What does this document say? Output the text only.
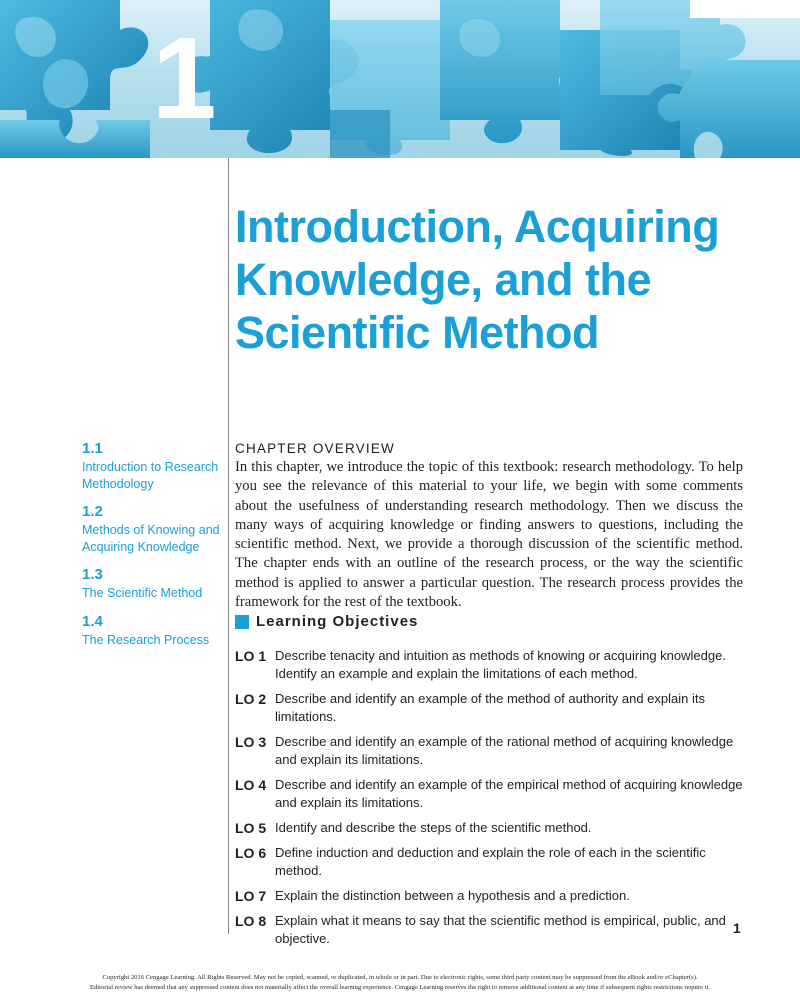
1
Introduction, Acquiring Knowledge, and the Scientific Method
1.1
Introduction to Research Methodology
1.2
Methods of Knowing and Acquiring Knowledge
1.3
The Scientific Method
1.4
The Research Process
CHAPTER OVERVIEW

In this chapter, we introduce the topic of this textbook: research methodology. To help you see the relevance of this material to your life, we begin with some comments about the usefulness of understanding research methodology. Then we discuss the many ways of acquiring knowledge or finding answers to questions, including the scientific method. Next, we provide a thorough discussion of the scientific method. The chapter ends with an outline of the research process, or the way the scientific method is applied to answer a particular question. The research process provides the framework for the rest of the textbook.

Learning Objectives
LO 1 Describe tenacity and intuition as methods of knowing or acquiring knowledge. Identify an example and explain the limitations of each method.
LO 2 Describe and identify an example of the method of authority and explain its limitations.
LO 3 Describe and identify an example of the rational method of acquiring knowledge and explain its limitations.
LO 4 Describe and identify an example of the empirical method of acquiring knowledge and explain its limitations.
LO 5 Identify and describe the steps of the scientific method.
LO 6 Define induction and deduction and explain the role of each in the scientific method.
LO 7 Explain the distinction between a hypothesis and a prediction.
LO 8 Explain what it means to say that the scientific method is empirical, public, and objective.
1
Copyright 2016 Cengage Learning. All Rights Reserved. May not be copied, scanned, or duplicated, in whole or in part. Due to electronic rights, some third party content may be suppressed from the eBook and/or eChapter(s).
Editorial review has deemed that any suppressed content does not materially affect the overall learning experience. Cengage Learning reserves the right to remove additional content at any time if subsequent rights restrictions require it.
